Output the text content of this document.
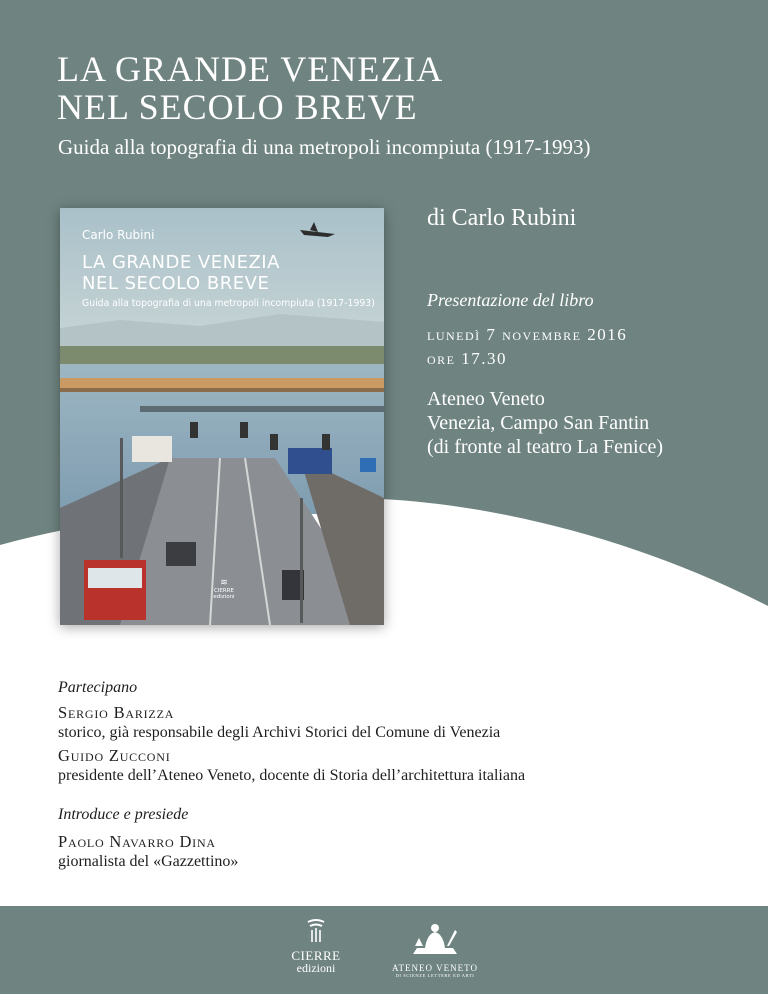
LA GRANDE VENEZIA
NEL SECOLO BREVE
Guida alla topografia di una metropoli incompiuta (1917-1993)
Carlo Rubini
LA GRANDE VENEZIA
NEL SECOLO BREVE
Guida alla topografia di una metropoli incompiuta (1917-1993)
≋
CIERRE
edizioni
di Carlo Rubini
Presentazione del libro
lunedì 7 novembre 2016
ore 17.30
Ateneo Veneto
Venezia, Campo San Fantin
(di fronte al teatro La Fenice)
Partecipano
Sergio Barizza
storico, già responsabile degli Archivi Storici del Comune di Venezia
Guido Zucconi
presidente dell’Ateneo Veneto, docente di Storia dell’architettura italiana
Introduce e presiede
Paolo Navarro Dina
giornalista del «Gazzettino»
CIERRE
edizioni	ATENEO VENETO
DI SCIENZE LETTERE ED ARTI
